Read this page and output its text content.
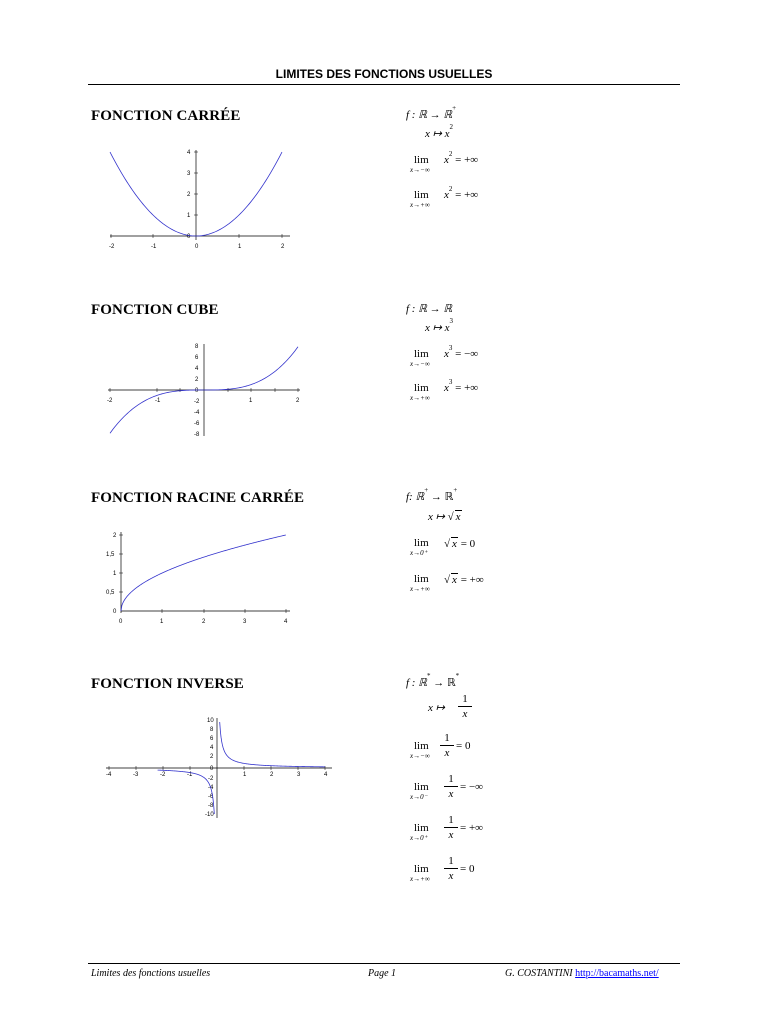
LIMITES DES FONCTIONS USUELLES
FONCTION CARRÉE
-2	-1	0	1	2
4
3
2
1
0
f : ℝ → ℝ+
x ↦ $x^2$
lim
x→−∞
$x^2$ = +∞
lim
x→+∞
$x^2$ = +∞
FONCTION CUBE
-2	-1	1	2
8
6
4
2
0
-2
-4
-6
-8
f : ℝ → ℝ
x ↦ $x^3$
lim
x→−∞
$x^3$ = −∞
lim
x→+∞
$x^3$ = +∞
FONCTION RACINE CARRÉE
0	1	2	3	4
2
1,5
1
0,5
0
f: ℝ+ → ℝ+
x ↦ √ x
lim
x→0⁺
√ x = 0
lim
x→+∞
√ x = +∞
FONCTION INVERSE
-4	-3	-2	-1	1	2	3	4
10
8
6
4
2
0
-2
-4
-6
-8
-10
f : ℝ* → ℝ*
x ↦
1
x
lim
x→−∞
1
x
= 0
lim
x→0⁻
1
x
= −∞
lim
x→0⁺
1
x
= +∞
lim
x→+∞
1
x
= 0
Limites des fonctions usuelles	Page 1	G. COSTANTINI http://bacamaths.net/
